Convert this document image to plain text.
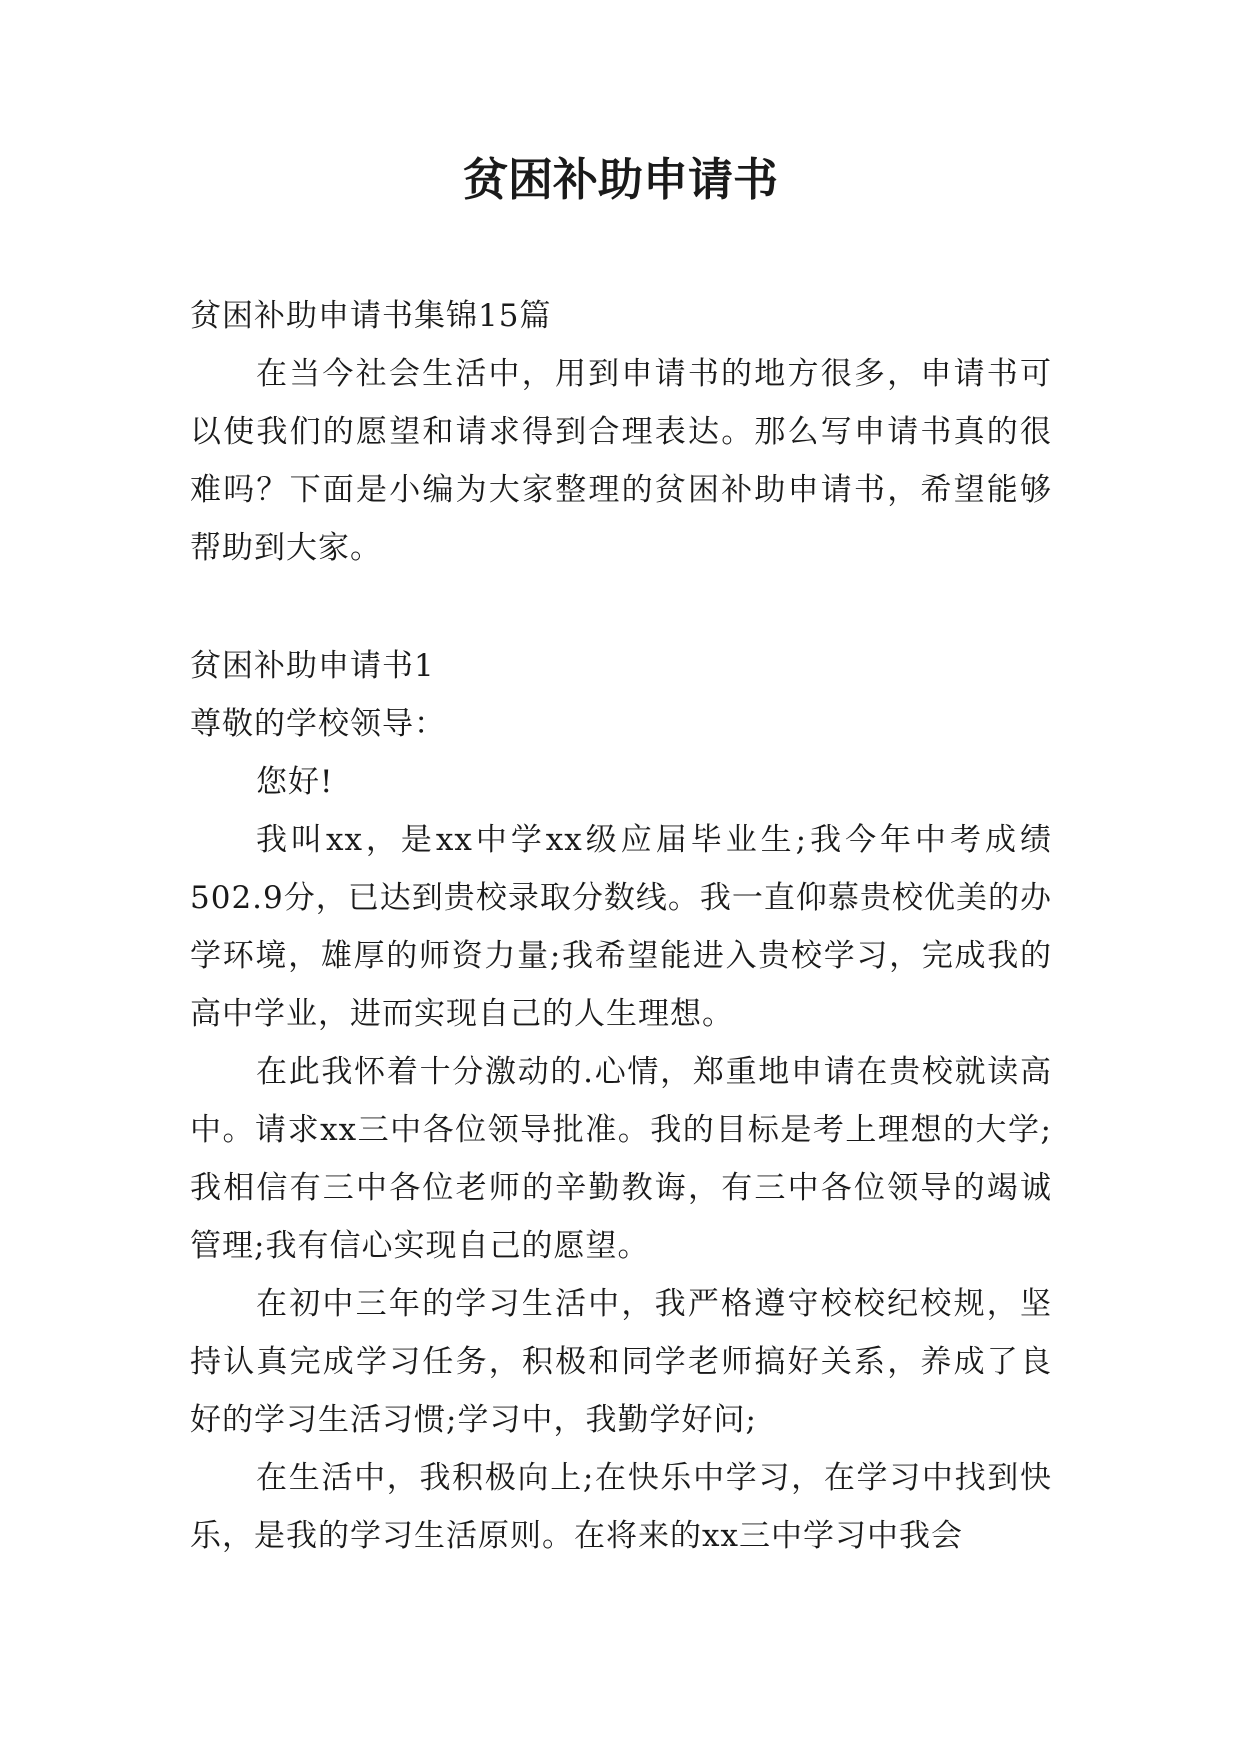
贫困补助申请书

贫困补助申请书集锦15篇

在当今社会生活中，用到申请书的地方很多，申请书可以使我们的愿望和请求得到合理表达。那么写申请书真的很难吗？下面是小编为大家整理的贫困补助申请书，希望能够帮助到大家。

贫困补助申请书1

尊敬的学校领导：

您好!

我叫xx，是xx中学xx级应届毕业生;我今年中考成绩502.9分，已达到贵校录取分数线。我一直仰慕贵校优美的办学环境，雄厚的师资力量;我希望能进入贵校学习，完成我的高中学业，进而实现自己的人生理想。

在此我怀着十分激动的.心情，郑重地申请在贵校就读高中。请求xx三中各位领导批准。我的目标是考上理想的大学;我相信有三中各位老师的辛勤教诲，有三中各位领导的竭诚管理;我有信心实现自己的愿望。

在初中三年的学习生活中，我严格遵守校校纪校规，坚持认真完成学习任务，积极和同学老师搞好关系，养成了良好的学习生活习惯;学习中，我勤学好问;

在生活中，我积极向上;在快乐中学习，在学习中找到快乐，是我的学习生活原则。在将来的xx三中学习中我会
